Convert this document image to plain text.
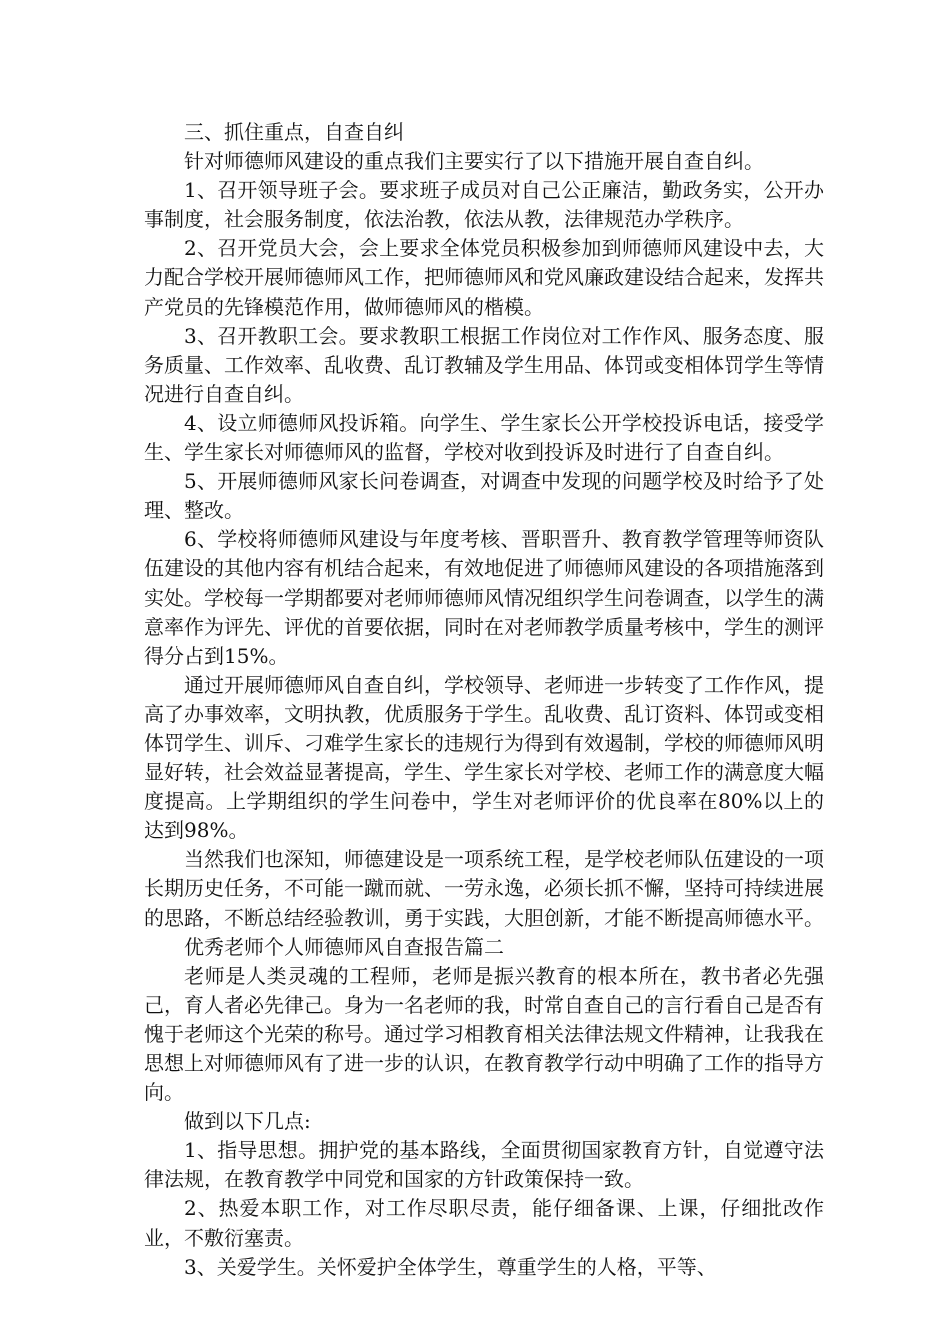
三、抓住重点，自查自纠

针对师德师风建设的重点我们主要实行了以下措施开展自查自纠。

1、召开领导班子会。要求班子成员对自己公正廉洁，勤政务实，公开办事制度，社会服务制度，依法治教，依法从教，法律规范办学秩序。

2、召开党员大会，会上要求全体党员积极参加到师德师风建设中去，大力配合学校开展师德师风工作，把师德师风和党风廉政建设结合起来，发挥共产党员的先锋模范作用，做师德师风的楷模。

3、召开教职工会。要求教职工根据工作岗位对工作作风、服务态度、服务质量、工作效率、乱收费、乱订教辅及学生用品、体罚或变相体罚学生等情况进行自查自纠。

4、设立师德师风投诉箱。向学生、学生家长公开学校投诉电话，接受学生、学生家长对师德师风的监督，学校对收到投诉及时进行了自查自纠。

5、开展师德师风家长问卷调查，对调查中发现的问题学校及时给予了处理、整改。

6、学校将师德师风建设与年度考核、晋职晋升、教育教学管理等师资队伍建设的其他内容有机结合起来，有效地促进了师德师风建设的各项措施落到实处。学校每一学期都要对老师师德师风情况组织学生问卷调查，以学生的满意率作为评先、评优的首要依据，同时在对老师教学质量考核中，学生的测评得分占到15%。

通过开展师德师风自查自纠，学校领导、老师进一步转变了工作作风，提高了办事效率，文明执教，优质服务于学生。乱收费、乱订资料、体罚或变相体罚学生、训斥、刁难学生家长的违规行为得到有效遏制，学校的师德师风明显好转，社会效益显著提高，学生、学生家长对学校、老师工作的满意度大幅度提高。上学期组织的学生问卷中，学生对老师评价的优良率在80%以上的达到98%。

当然我们也深知，师德建设是一项系统工程，是学校老师队伍建设的一项长期历史任务，不可能一蹴而就、一劳永逸，必须长抓不懈，坚持可持续进展的思路，不断总结经验教训，勇于实践，大胆创新，才能不断提高师德水平。

优秀老师个人师德师风自查报告篇二

老师是人类灵魂的工程师，老师是振兴教育的根本所在，教书者必先强己，育人者必先律己。身为一名老师的我，时常自查自己的言行看自己是否有愧于老师这个光荣的称号。通过学习相教育相关法律法规文件精神，让我我在思想上对师德师风有了进一步的认识，在教育教学行动中明确了工作的指导方向。

做到以下几点:

1、指导思想。拥护党的基本路线，全面贯彻国家教育方针，自觉遵守法律法规，在教育教学中同党和国家的方针政策保持一致。

2、热爱本职工作，对工作尽职尽责，能仔细备课、上课，仔细批改作业，不敷衍塞责。

3、关爱学生。关怀爱护全体学生，尊重学生的人格，平等、
